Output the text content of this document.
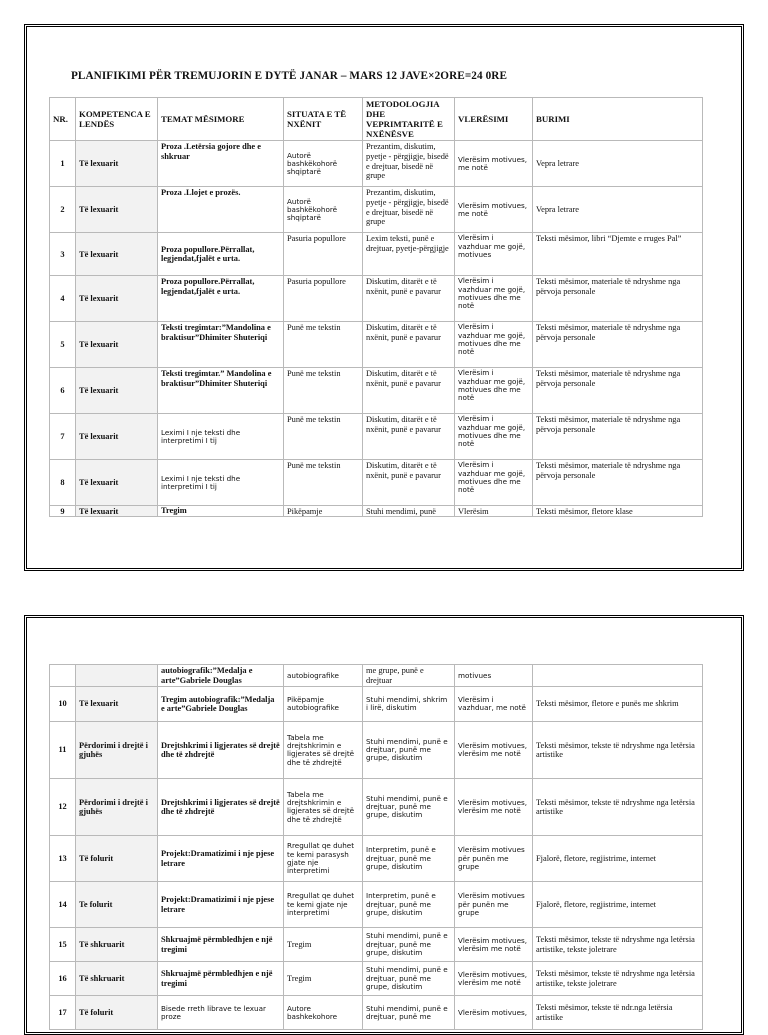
PLANIFIKIMI PËR TREMUJORIN E DYTË JANAR – MARS 12 JAVE×2ORE=24 0RE
NR.	KOMPETENCA E LENDËS	TEMAT MËSIMORE	SITUATA E TË NXËNIT	METODOLOGJIA DHE VEPRIMTARITË E NXËNËSVE	VLERËSIMI	BURIMI
1	Të lexuarit	Proza .Letërsia gojore dhe e shkruar	Autorë bashkëkohorë shqiptarë	Prezantim, diskutim, pyetje - përgjigje, bisedë e drejtuar, bisedë në grupe	Vlerësim motivues, me notë	Vepra letrare
2	Të lexuarit	Proza .Llojet e prozës.	Autorë bashkëkohorë shqiptarë	Prezantim, diskutim, pyetje - përgjigje, bisedë e drejtuar, bisedë në grupe	Vlerësim motivues, me notë	Vepra letrare
3	Të lexuarit	Proza popullore.Përrallat, legjendat,fjalët e urta.	Pasuria popullore	Lexim teksti, punë e drejtuar, pyetje-përgjigje	Vlerësim i vazhduar me gojë, motivues	Teksti mësimor, libri “Djemte e rruges Pal”
4	Të lexuarit	Proza popullore.Përrallat, legjendat,fjalët e urta.	Pasuria popullore	Diskutim, ditarët e të nxënit, punë e pavarur	Vlerësim i vazhduar me gojë, motivues dhe me notë	Teksti mësimor, materiale të ndryshme nga përvoja personale
5	Të lexuarit	Teksti tregimtar:”Mandolina e braktisur”Dhimiter Shuteriqi	Punë me tekstin	Diskutim, ditarët e të nxënit, punë e pavarur	Vlerësim i vazhduar me gojë, motivues dhe me notë	Teksti mësimor, materiale të ndryshme nga përvoja personale
6	Të lexuarit	Teksti tregimtar.” Mandolina e braktisur”Dhimiter Shuteriqi	Punë me tekstin	Diskutim, ditarët e të nxënit, punë e pavarur	Vlerësim i vazhduar me gojë, motivues dhe me notë	Teksti mësimor, materiale të ndryshme nga përvoja personale
7	Të lexuarit	Leximi I nje teksti dhe interpretimi I tij	Punë me tekstin	Diskutim, ditarët e të nxënit, punë e pavarur	Vlerësim i vazhduar me gojë, motivues dhe me notë	Teksti mësimor, materiale të ndryshme nga përvoja personale
8	Të lexuarit	Leximi I nje teksti dhe interpretimi I tij	Punë me tekstin	Diskutim, ditarët e të nxënit, punë e pavarur	Vlerësim i vazhduar me gojë, motivues dhe me notë	Teksti mësimor, materiale të ndryshme nga përvoja personale
9	Të lexuarit	Tregim	Pikëpamje	Stuhi mendimi, punë	Vlerësim	Teksti mësimor, fletore klase
		autobiografik:”Medalja e arte”Gabriele Douglas	autobiografike	me grupe, punë e drejtuar	motivues	
10	Të lexuarit	Tregim autobiografik:”Medalja e arte”Gabriele Douglas	Pikëpamje autobiografike	Stuhi mendimi, shkrim i lirë, diskutim	Vlerësim i vazhduar, me notë	Teksti mësimor, fletore e punës me shkrim
11	Përdorimi i drejtë i gjuhës	Drejtshkrimi i ligjerates së drejtë dhe të zhdrejtë	Tabela me drejtshkrimin e ligjerates së drejtë dhe të zhdrejtë	Stuhi mendimi, punë e drejtuar, punë me grupe, diskutim	Vlerësim motivues, vlerësim me notë	Teksti mësimor, tekste të ndryshme nga letërsia artistike
12	Përdorimi i drejtë i gjuhës	Drejtshkrimi i ligjerates së drejtë dhe të zhdrejtë	Tabela me drejtshkrimin e ligjerates së drejtë dhe të zhdrejtë	Stuhi mendimi, punë e drejtuar, punë me grupe, diskutim	Vlerësim motivues, vlerësim me notë	Teksti mësimor, tekste të ndryshme nga letërsia artistike
13	Të folurit	Projekt:Dramatizimi i nje pjese letrare	Rregullat qe duhet te kemi parasysh gjate nje interpretimi	Interpretim, punë e drejtuar, punë me grupe, diskutim	Vlerësim motivues për punën me grupe	Fjalorë, fletore, regjistrime, internet
14	Te folurit	Projekt:Dramatizimi i nje pjese letrare	Rregullat qe duhet te kemi gjate nje interpretimi	Interpretim, punë e drejtuar, punë me grupe, diskutim	Vlerësim motivues për punën me grupe	Fjalorë, fletore, regjistrime, internet
15	Të shkruarit	Shkruajmë përmbledhjen e një tregimi	Tregim	Stuhi mendimi, punë e drejtuar, punë me grupe, diskutim	Vlerësim motivues, vlerësim me notë	Teksti mësimor, tekste të ndryshme nga letërsia artistike, tekste joletrare
16	Të shkruarit	Shkruajmë përmbledhjen e një tregimi	Tregim	Stuhi mendimi, punë e drejtuar, punë me grupe, diskutim	Vlerësim motivues, vlerësim me notë	Teksti mësimor, tekste të ndryshme nga letërsia artistike, tekste joletrare
17	Të folurit	Bisede rreth librave te lexuar proze	Autore bashkekohore	Stuhi mendimi, punë e drejtuar, punë me	Vlerësim motivues,	Teksti mësimor, tekste të ndr.nga letërsia artistike
